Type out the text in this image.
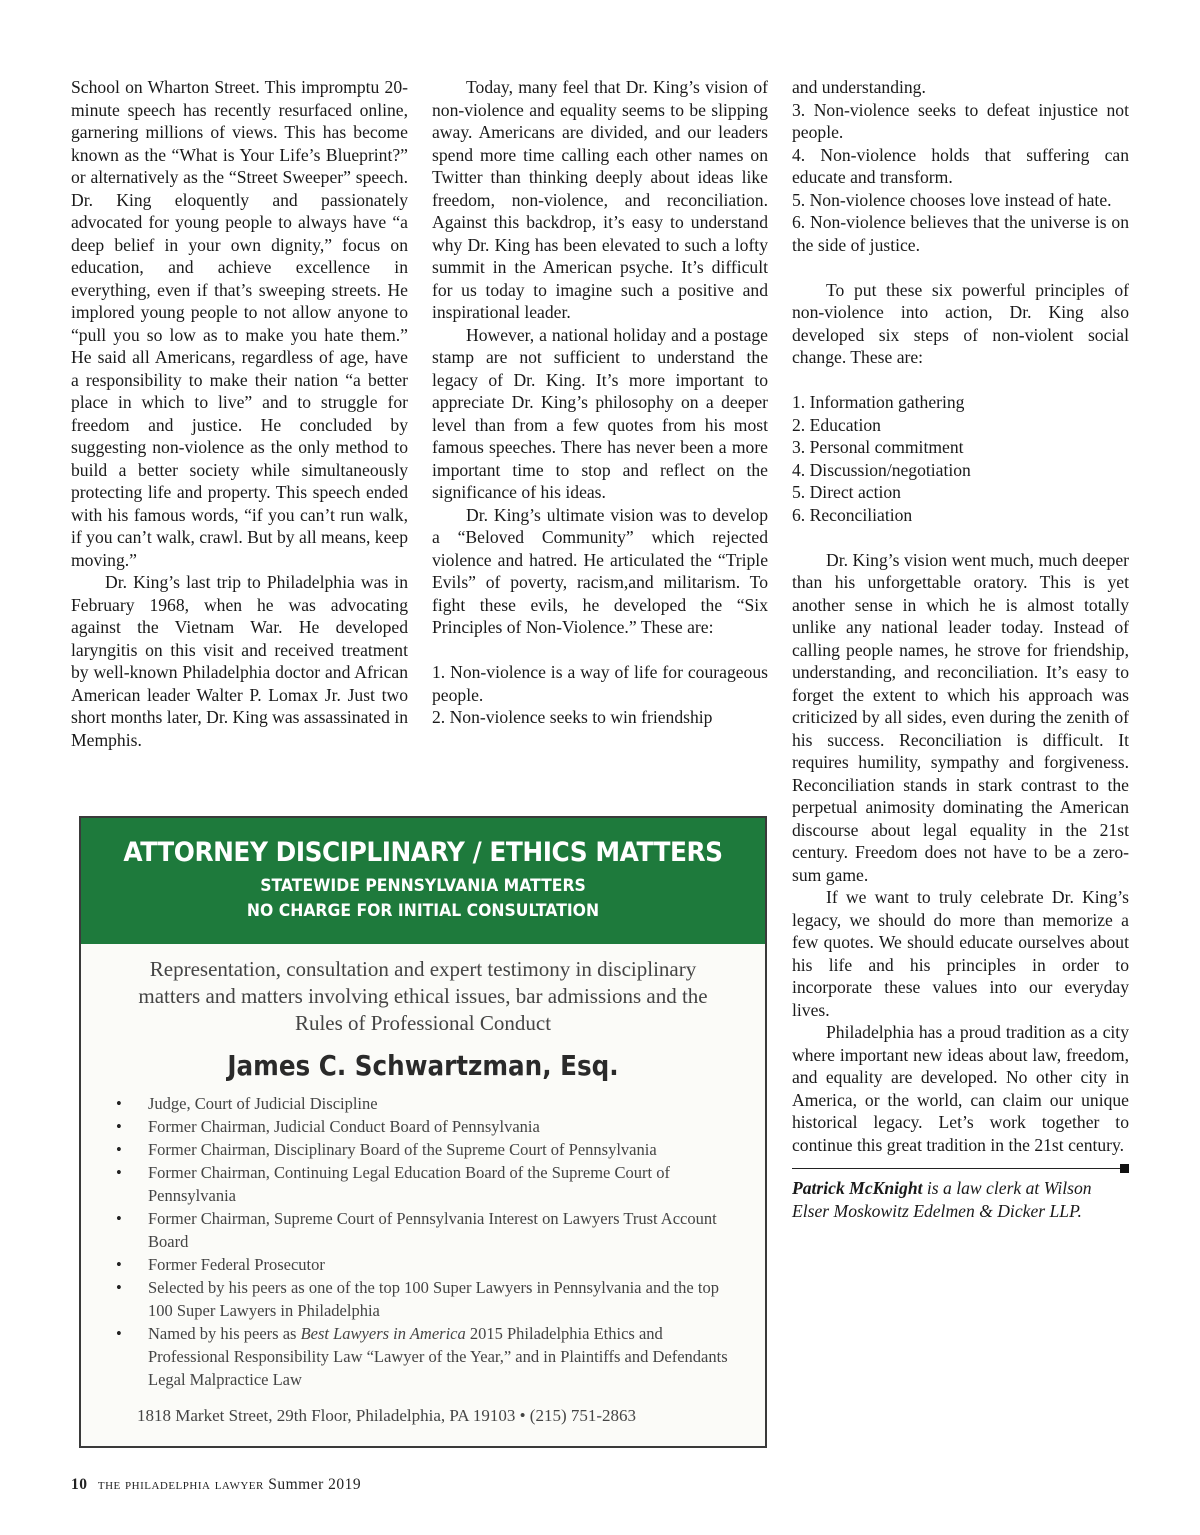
School on Wharton Street. This impromptu 20-minute speech has recently resurfaced online, garnering millions of views. This has become known as the “What is Your Life’s Blueprint?” or alternatively as the “Street Sweeper” speech. Dr. King eloquently and passionately advocated for young people to always have “a deep belief in your own dignity,” focus on education, and achieve excellence in everything, even if that’s sweeping streets. He implored young people to not allow anyone to “pull you so low as to make you hate them.” He said all Americans, regardless of age, have a responsibility to make their nation “a better place in which to live” and to struggle for freedom and justice. He concluded by suggesting non-violence as the only method to build a better society while simultaneously protecting life and property. This speech ended with his famous words, “if you can’t run walk, if you can’t walk, crawl. But by all means, keep moving.”

Dr. King’s last trip to Philadelphia was in February 1968, when he was advocating against the Vietnam War. He developed laryngitis on this visit and received treatment by well-known Philadelphia doctor and African American leader Walter P. Lomax Jr. Just two short months later, Dr. King was assassinated in Memphis.

Today, many feel that Dr. King’s vision of non-violence and equality seems to be slipping away. Americans are divided, and our leaders spend more time calling each other names on Twitter than thinking deeply about ideas like freedom, non-violence, and reconciliation. Against this backdrop, it’s easy to understand why Dr. King has been elevated to such a lofty summit in the American psyche. It’s difficult for us today to imagine such a positive and inspirational leader.

However, a national holiday and a postage stamp are not sufficient to understand the legacy of Dr. King. It’s more important to appreciate Dr. King’s philosophy on a deeper level than from a few quotes from his most famous speeches. There has never been a more important time to stop and reflect on the significance of his ideas.

Dr. King’s ultimate vision was to develop a “Beloved Community” which rejected violence and hatred. He articulated the “Triple Evils” of poverty, racism,and militarism. To fight these evils, he developed the “Six Principles of Non-Violence.” These are:

1. Non-violence is a way of life for courageous people.

2. Non-violence seeks to win friendship

and understanding.

3. Non-violence seeks to defeat injustice not people.

4. Non-violence holds that suffering can educate and transform.

5. Non-violence chooses love instead of hate.

6. Non-violence believes that the universe is on the side of justice.

To put these six powerful principles of non-violence into action, Dr. King also developed six steps of non-violent social change. These are:

1. Information gathering

2. Education

3. Personal commitment

4. Discussion/negotiation

5. Direct action

6. Reconciliation

Dr. King’s vision went much, much deeper than his unforgettable oratory. This is yet another sense in which he is almost totally unlike any national leader today. Instead of calling people names, he strove for friendship, understanding, and reconciliation. It’s easy to forget the extent to which his approach was criticized by all sides, even during the zenith of his success. Reconciliation is difficult. It requires humility, sympathy and forgiveness. Reconciliation stands in stark contrast to the perpetual animosity dominating the American discourse about legal equality in the 21st century. Freedom does not have to be a zero-sum game.

If we want to truly celebrate Dr. King’s legacy, we should do more than memorize a few quotes. We should educate ourselves about his life and his principles in order to incorporate these values into our everyday lives.

Philadelphia has a proud tradition as a city where important new ideas about law, freedom, and equality are developed. No other city in America, or the world, can claim our unique historical legacy. Let’s work together to continue this great tradition in the 21st century.

Patrick McKnight is a law clerk at Wilson Elser Moskowitz Edelmen & Dicker LLP.

ATTORNEY DISCIPLINARY / ETHICS MATTERS
STATEWIDE PENNSYLVANIA MATTERS
NO CHARGE FOR INITIAL CONSULTATION
Representation, consultation and expert testimony in disciplinary matters and matters involving ethical issues, bar admissions and the Rules of Professional Conduct
James C. Schwartzman, Esq.
• Judge, Court of Judicial Discipline
• Former Chairman, Judicial Conduct Board of Pennsylvania
• Former Chairman, Disciplinary Board of the Supreme Court of Pennsylvania
• Former Chairman, Continuing Legal Education Board of the Supreme Court of Pennsylvania
• Former Chairman, Supreme Court of Pennsylvania Interest on Lawyers Trust Account Board
• Former Federal Prosecutor
• Selected by his peers as one of the top 100 Super Lawyers in Pennsylvania and the top 100 Super Lawyers in Philadelphia
• Named by his peers as Best Lawyers in America 2015 Philadelphia Ethics and Professional Responsibility Law “Lawyer of the Year,” and in Plaintiffs and Defendants Legal Malpractice Law
1818 Market Street, 29th Floor, Philadelphia, PA 19103 • (215) 751-2863
10 the philadelphia lawyer Summer 2019
